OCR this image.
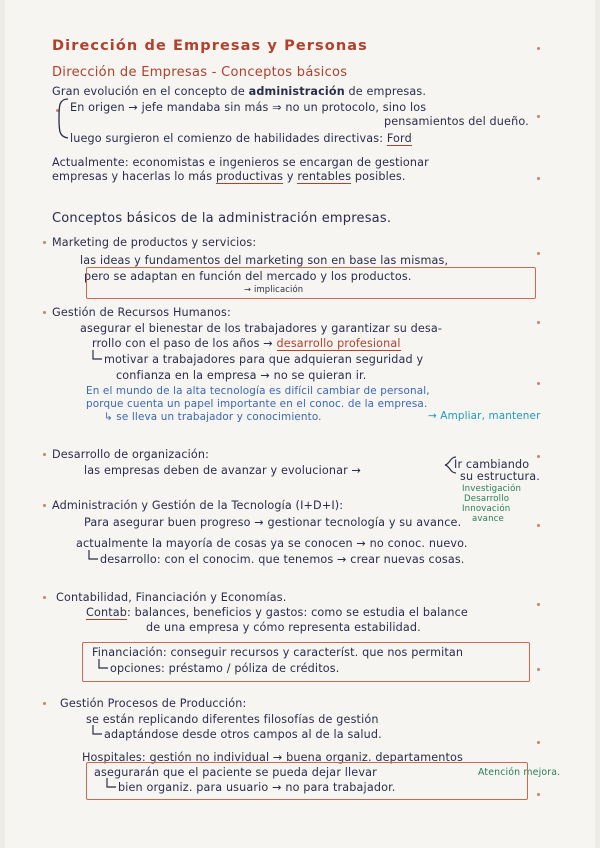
Dirección de Empresas y Personas
Dirección de Empresas - Conceptos básicos
Gran evolución en el concepto de administración de empresas.
En origen → jefe mandaba sin más ⇒ no un protocolo, sino los
pensamientos del dueño.
luego surgieron el comienzo de habilidades directivas: Ford
Actualmente: economistas e ingenieros se encargan de gestionar
empresas y hacerlas lo más productivas y rentables posibles.
Conceptos básicos de la administración empresas.
Marketing de productos y servicios:
las ideas y fundamentos del marketing son en base las mismas,
pero se adaptan en función del mercado y los productos.
→ implicación
Gestión de Recursos Humanos:
asegurar el bienestar de los trabajadores y garantizar su desa-
rrollo con el paso de los años → desarrollo profesional
motivar a trabajadores para que adquieran seguridad y
confianza en la empresa → no se quieran ir.
En el mundo de la alta tecnología es difícil cambiar de personal,
porque cuenta un papel importante en el conoc. de la empresa.
↳ se lleva un trabajador y conocimiento.	→ Ampliar, mantener
Desarrollo de organización:
las empresas deben de avanzar y evolucionar →	Ir cambiando
su estructura.
Administración y Gestión de la Tecnología (I+D+I):
Investigación
Desarrollo
Innovación
avance
Para asegurar buen progreso → gestionar tecnología y su avance.
actualmente la mayoría de cosas ya se conocen → no conoc. nuevo.
desarrollo: con el conocim. que tenemos → crear nuevas cosas.
Contabilidad, Financiación y Economías.
Contab: balances, beneficios y gastos: como se estudia el balance
de una empresa y cómo representa estabilidad.
Financiación: conseguir recursos y característ. que nos permitan
opciones: préstamo / póliza de créditos.
Gestión Procesos de Producción:
se están replicando diferentes filosofías de gestión
adaptándose desde otros campos al de la salud.
Hospitales: gestión no individual → buena organiz. departamentos
asegurarán que el paciente se pueda dejar llevar	Atención mejora.
bien organiz. para usuario → no para trabajador.
